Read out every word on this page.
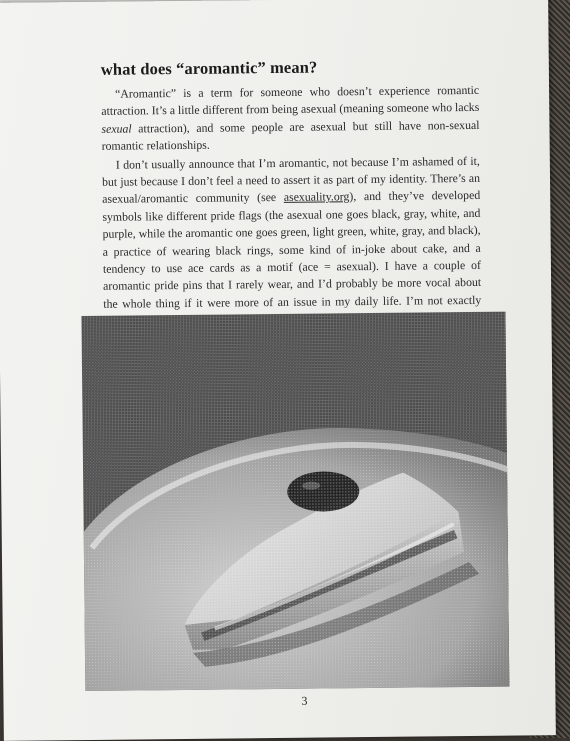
what does “aromantic” mean?

“Aromantic” is a term for someone who doesn’t experience romantic attraction. It’s a little different from being asexual (meaning someone who lacks sexual attraction), and some people are asexual but still have non-sexual romantic relationships.

I don’t usually announce that I’m aromantic, not because I’m ashamed of it, but just because I don’t feel a need to assert it as part of my identity. There’s an asexual/aromantic community (see asexuality.org), and they’ve developed symbols like different pride flags (the asexual one goes black, gray, white, and purple, while the aromantic one goes green, light green, white, gray, and black), a practice of wearing black rings, some kind of in-joke about cake, and a tendency to use ace cards as a motif (ace = asexual). I have a couple of aromantic pride pins that I rarely wear, and I’d probably be more vocal about the whole thing if it were more of an issue in my daily life. I’m not exactly

3
